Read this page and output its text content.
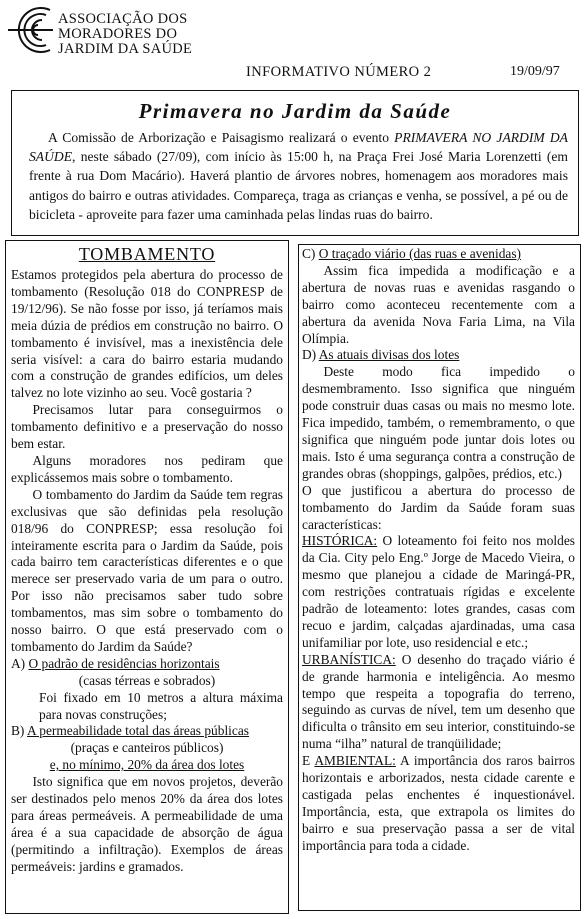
ASSOCIAÇÃO DOS
MORADORES DO
JARDIM DA SAÚDE
INFORMATIVO NÚMERO 2	19/09/97
Primavera no Jardim da Saúde

A Comissão de Arborização e Paisagismo realizará o evento PRIMAVERA NO JARDIM DA SAÚDE, neste sábado (27/09), com início às 15:00 h, na Praça Frei José Maria Lorenzetti (em frente à rua Dom Macário). Haverá plantio de árvores nobres, homenagem aos moradores mais antigos do bairro e outras atividades. Compareça, traga as crianças e venha, se possível, a pé ou de bicicleta - aproveite para fazer uma caminhada pelas lindas ruas do bairro.

TOMBAMENTO

Estamos protegidos pela abertura do processo de tombamento (Resolução 018 do CONPRESP de 19/12/96). Se não fosse por isso, já teríamos mais meia dúzia de prédios em construção no bairro. O tombamento é invisível, mas a inexistência dele seria visível: a cara do bairro estaria mudando com a construção de grandes edifícios, um deles talvez no lote vizinho ao seu. Você gostaria ?

Precisamos lutar para conseguirmos o tombamento definitivo e a preservação do nosso bem estar.

Alguns moradores nos pediram que explicássemos mais sobre o tombamento.

O tombamento do Jardim da Saúde tem regras exclusivas que são definidas pela resolução 018/96 do CONPRESP; essa resolução foi inteiramente escrita para o Jardim da Saúde, pois cada bairro tem características diferentes e o que merece ser preservado varia de um para o outro. Por isso não precisamos saber tudo sobre tombamentos, mas sim sobre o tombamento do nosso bairro. O que está preservado com o tombamento do Jardim da Saúde?

A) O padrão de residências horizontais

(casas térreas e sobrados)

Foi fixado em 10 metros a altura máxima para novas construções;

B) A permeabilidade total das áreas públicas

(praças e canteiros públicos)

e, no mínimo, 20% da área dos lotes

Isto significa que em novos projetos, deverão ser destinados pelo menos 20% da área dos lotes para áreas permeáveis. A permeabilidade de uma área é a sua capacidade de absorção de água (permitindo a infiltração). Exemplos de áreas permeáveis: jardins e gramados.

C) O traçado viário (das ruas e avenidas)

Assim fica impedida a modificação e a abertura de novas ruas e avenidas rasgando o bairro como aconteceu recentemente com a abertura da avenida Nova Faria Lima, na Vila Olímpia.

D) As atuais divisas dos lotes

Deste modo fica impedido o desmembramento. Isso significa que ninguém pode construir duas casas ou mais no mesmo lote. Fica impedido, também, o remembramento, o que significa que ninguém pode juntar dois lotes ou mais. Isto é uma segurança contra a construção de grandes obras (shoppings, galpões, prédios, etc.)

O que justificou a abertura do processo de tombamento do Jardim da Saúde foram suas características:

HISTÓRICA: O loteamento foi feito nos moldes da Cia. City pelo Eng.º Jorge de Macedo Vieira, o mesmo que planejou a cidade de Maringá-PR, com restrições contratuais rígidas e excelente padrão de loteamento: lotes grandes, casas com recuo e jardim, calçadas ajardinadas, uma casa unifamiliar por lote, uso residencial e etc.;

URBANÍSTICA: O desenho do traçado viário é de grande harmonia e inteligência. Ao mesmo tempo que respeita a topografia do terreno, seguindo as curvas de nível, tem um desenho que dificulta o trânsito em seu interior, constituindo-se numa “ilha” natural de tranqüilidade;

E AMBIENTAL: A importância dos raros bairros horizontais e arborizados, nesta cidade carente e castigada pelas enchentes é inquestionável. Importância, esta, que extrapola os limites do bairro e sua preservação passa a ser de vital importância para toda a cidade.
